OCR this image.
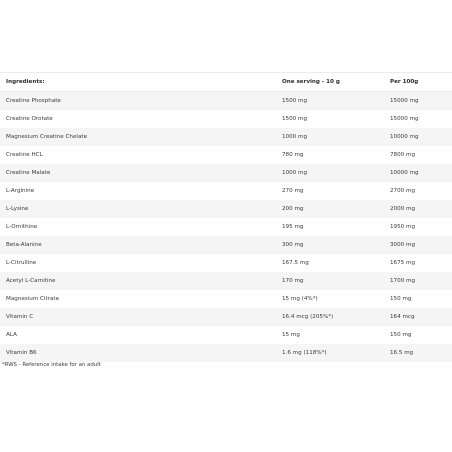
Ingredients:	One serving - 10 g	Per 100g
Creatine Phosphate	1500 mg	15000 mg
Creatine Orotate	1500 mg	15000 mg
Magnesium Creatine Chelate	1000 mg	10000 mg
Creatine HCL	780 mg	7800 mg
Creatine Malate	1000 mg	10000 mg
L-Arginine	270 mg	2700 mg
L-Lysine	200 mg	2000 mg
L-Ornithine	195 mg	1950 mg
Beta-Alanine	300 mg	3000 mg
L-Citrulline	167.5 mg	1675 mg
Acetyl L-Carnitine	170 mg	1700 mg
Magnesium Citrate	15 mg (4%*)	150 mg
Vitamin C	16.4 mcg (205%*)	164 mcg
ALA	15 mg	150 mg
Vitamin B6	1.6 mg (118%*)	16.5 mg
*RWS - Reference intake for an adult
